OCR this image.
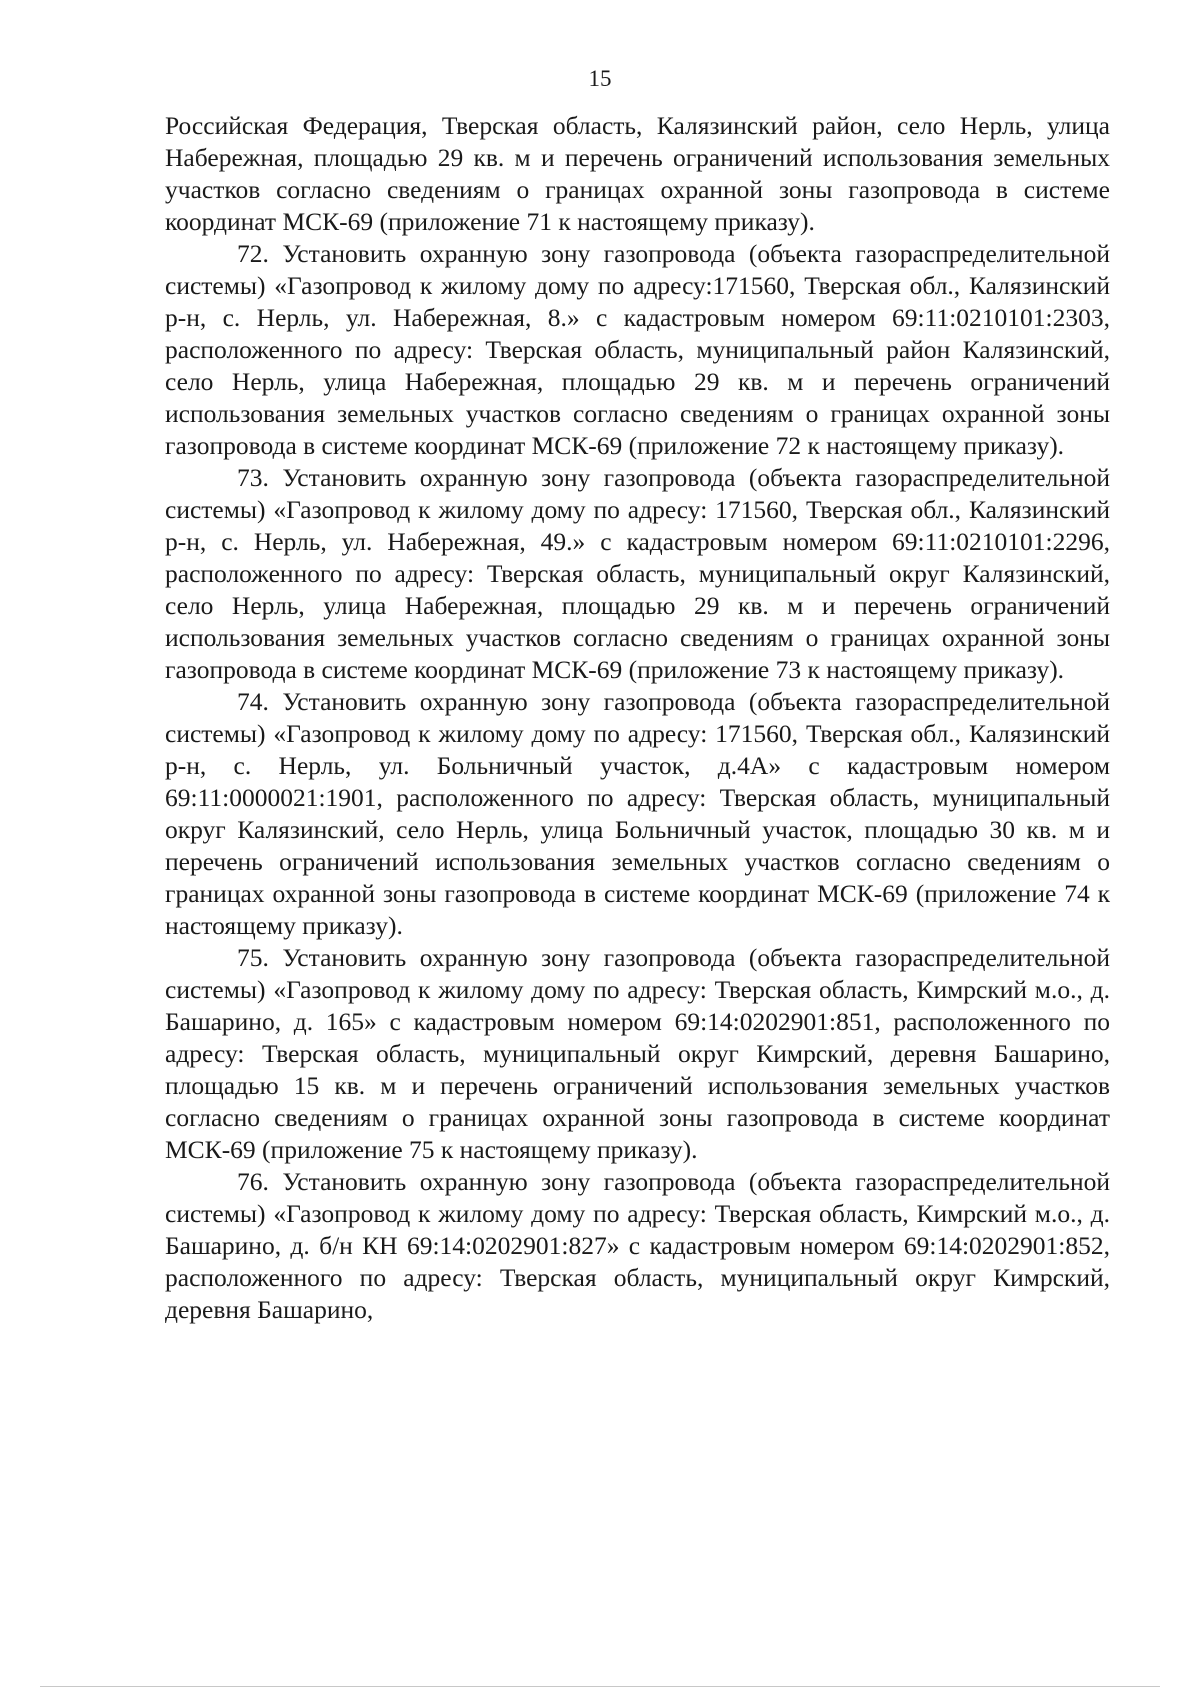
15

Российская Федерация, Тверская область, Калязинский район, село Нерль, улица Набережная, площадью 29 кв. м и перечень ограничений использования земельных участков согласно сведениям о границах охранной зоны газопровода в системе координат МСК-69 (приложение 71 к настоящему приказу).

72. Установить охранную зону газопровода (объекта газораспределительной системы) «Газопровод к жилому дому по адресу:171560, Тверская обл., Калязинский р-н, с. Нерль, ул. Набережная, 8.» с кадастровым номером 69:11:0210101:2303, расположенного по адресу: Тверская область, муниципальный район Калязинский, село Нерль, улица Набережная, площадью 29 кв. м и перечень ограничений использования земельных участков согласно сведениям о границах охранной зоны газопровода в системе координат МСК-69 (приложение 72 к настоящему приказу).

73. Установить охранную зону газопровода (объекта газораспределительной системы) «Газопровод к жилому дому по адресу: 171560, Тверская обл., Калязинский р-н, с. Нерль, ул. Набережная, 49.» с кадастровым номером 69:11:0210101:2296, расположенного по адресу: Тверская область, муниципальный округ Калязинский, село Нерль, улица Набережная, площадью 29 кв. м и перечень ограничений использования земельных участков согласно сведениям о границах охранной зоны газопровода в системе координат МСК-69 (приложение 73 к настоящему приказу).

74. Установить охранную зону газопровода (объекта газораспределительной системы) «Газопровод к жилому дому по адресу: 171560, Тверская обл., Калязинский р-н, с. Нерль, ул. Больничный участок, д.4А» с кадастровым номером 69:11:0000021:1901, расположенного по адресу: Тверская область, муниципальный округ Калязинский, село Нерль, улица Больничный участок, площадью 30 кв. м и перечень ограничений использования земельных участков согласно сведениям о границах охранной зоны газопровода в системе координат МСК-69 (приложение 74 к настоящему приказу).

75. Установить охранную зону газопровода (объекта газораспределительной системы) «Газопровод к жилому дому по адресу: Тверская область, Кимрский м.о., д. Башарино, д. 165» с кадастровым номером 69:14:0202901:851, расположенного по адресу: Тверская область, муниципальный округ Кимрский, деревня Башарино, площадью 15 кв. м и перечень ограничений использования земельных участков согласно сведениям о границах охранной зоны газопровода в системе координат МСК-69 (приложение 75 к настоящему приказу).

76. Установить охранную зону газопровода (объекта газораспределительной системы) «Газопровод к жилому дому по адресу: Тверская область, Кимрский м.о., д. Башарино, д. б/н КН 69:14:0202901:827» с кадастровым номером 69:14:0202901:852, расположенного по адресу: Тверская область, муниципальный округ Кимрский, деревня Башарино,
